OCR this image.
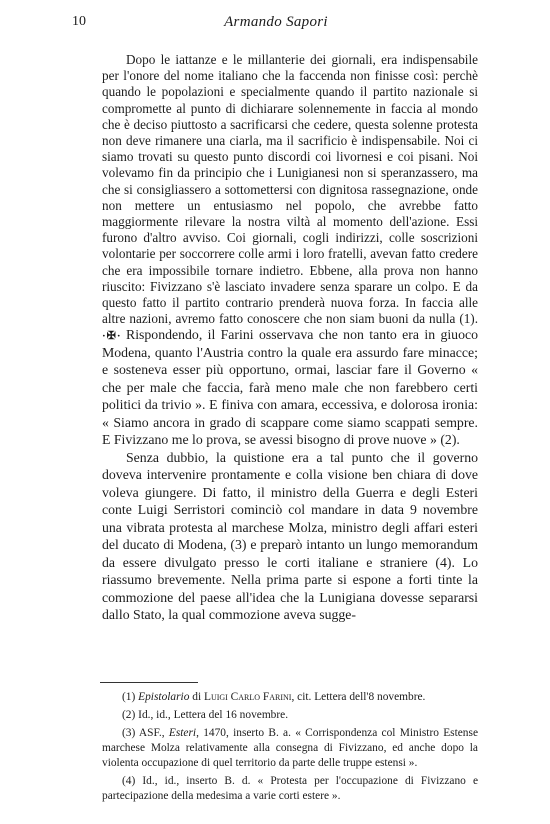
10	Armando Sapori

Dopo le iattanze e le millanterie dei giornali, era indispensabile per l'onore del nome italiano che la faccenda non finisse così: perchè quando le popolazioni e specialmente quando il partito nazionale si compromette al punto di dichiarare solennemente in faccia al mondo che è deciso piuttosto a sacrificarsi che cedere, questa solenne protesta non deve rimanere una ciarla, ma il sacrificio è indispensabile. Noi ci siamo trovati su questo punto discordi coi livornesi e coi pisani. Noi volevamo fin da principio che i Lunigianesi non si speranzassero, ma che si consigliassero a sottomettersi con dignitosa rassegnazione, onde non mettere un entusiasmo nel popolo, che avrebbe fatto maggiormente rilevare la nostra viltà al momento dell'azione. Essi furono d'altro avviso. Coi giornali, cogli indirizzi, colle soscrizioni volontarie per soccorrere colle armi i loro fratelli, avevan fatto credere che era impossibile tornare indietro. Ebbene, alla prova non hanno riuscito: Fivizzano s'è lasciato invadere senza sparare un colpo. E da questo fatto il partito contrario prenderà nuova forza. In faccia alle altre nazioni, avremo fatto conoscere che non siam buoni da nulla (1). ·✠· Rispondendo, il Farini osservava che non tanto era in giuoco Modena, quanto l'Austria contro la quale era assurdo fare minacce; e sosteneva esser più opportuno, ormai, lasciar fare il Governo « che per male che faccia, farà meno male che non farebbero certi politici da trivio ». E finiva con amara, eccessiva, e dolorosa ironia: « Siamo ancora in grado di scappare come siamo scappati sempre. E Fivizzano me lo prova, se avessi bisogno di prove nuove » (2).

Senza dubbio, la quistione era a tal punto che il governo doveva intervenire prontamente e colla visione ben chiara di dove voleva giungere. Di fatto, il ministro della Guerra e degli Esteri conte Luigi Serristori cominciò col mandare in data 9 novembre una vibrata protesta al marchese Molza, ministro degli affari esteri del ducato di Modena, (3) e preparò intanto un lungo memorandum da essere divulgato presso le corti italiane e straniere (4). Lo riassumo brevemente. Nella prima parte si espone a forti tinte la commozione del paese all'idea che la Lunigiana dovesse separarsi dallo Stato, la qual commozione aveva sugge-

(1) Epistolario di Luigi Carlo Farini, cit. Lettera dell'8 novembre.

(2) Id., id., Lettera del 16 novembre.

(3) ASF., Esteri, 1470, inserto B. a. « Corrispondenza col Ministro Estense marchese Molza relativamente alla consegna di Fivizzano, ed anche dopo la violenta occupazione di quel territorio da parte delle truppe estensi ».

(4) Id., id., inserto B. d. « Protesta per l'occupazione di Fivizzano e partecipazione della medesima a varie corti estere ».
